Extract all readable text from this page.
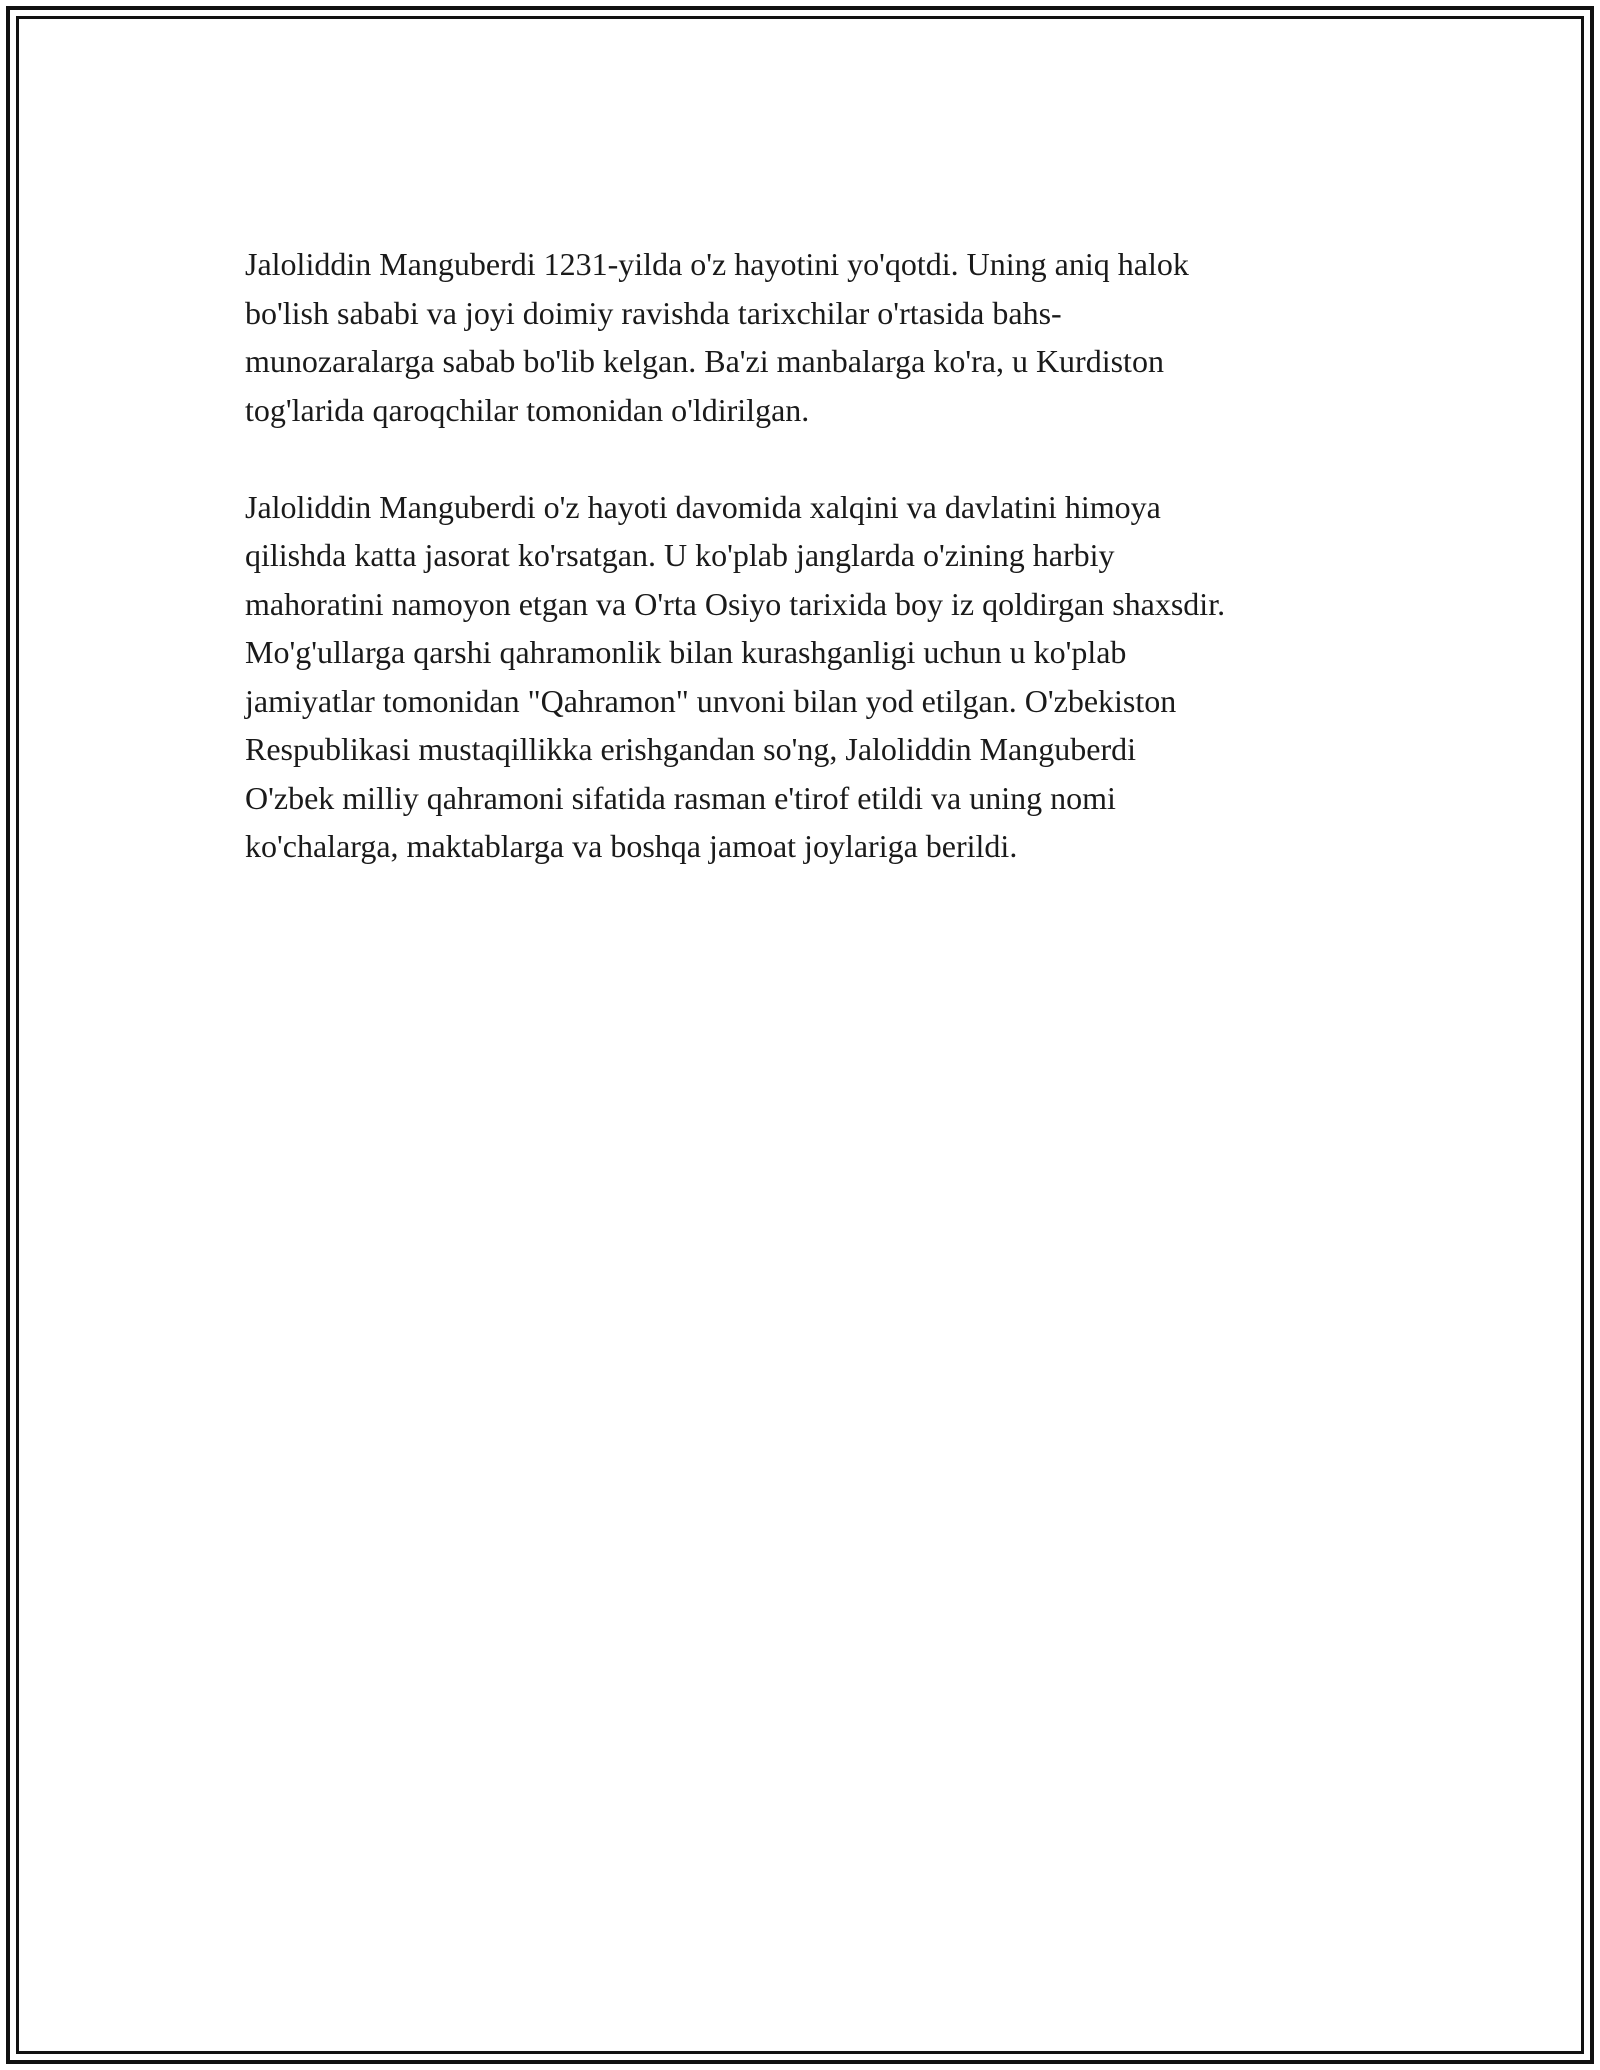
Jaloliddin Manguberdi 1231-yilda o'z hayotini yo'qotdi. Uning aniq halok
bo'lish sababi va joyi doimiy ravishda tarixchilar o'rtasida bahs-
munozaralarga sabab bo'lib kelgan. Ba'zi manbalarga ko'ra, u Kurdiston
tog'larida qaroqchilar tomonidan o'ldirilgan.

Jaloliddin Manguberdi o'z hayoti davomida xalqini va davlatini himoya
qilishda katta jasorat ko'rsatgan. U ko'plab janglarda o'zining harbiy
mahoratini namoyon etgan va O'rta Osiyo tarixida boy iz qoldirgan shaxsdir.
Mo'g'ullarga qarshi qahramonlik bilan kurashganligi uchun u ko'plab
jamiyatlar tomonidan "Qahramon" unvoni bilan yod etilgan. O'zbekiston
Respublikasi mustaqillikka erishgandan so'ng, Jaloliddin Manguberdi
O'zbek milliy qahramoni sifatida rasman e'tirof etildi va uning nomi
ko'chalarga, maktablarga va boshqa jamoat joylariga berildi.
